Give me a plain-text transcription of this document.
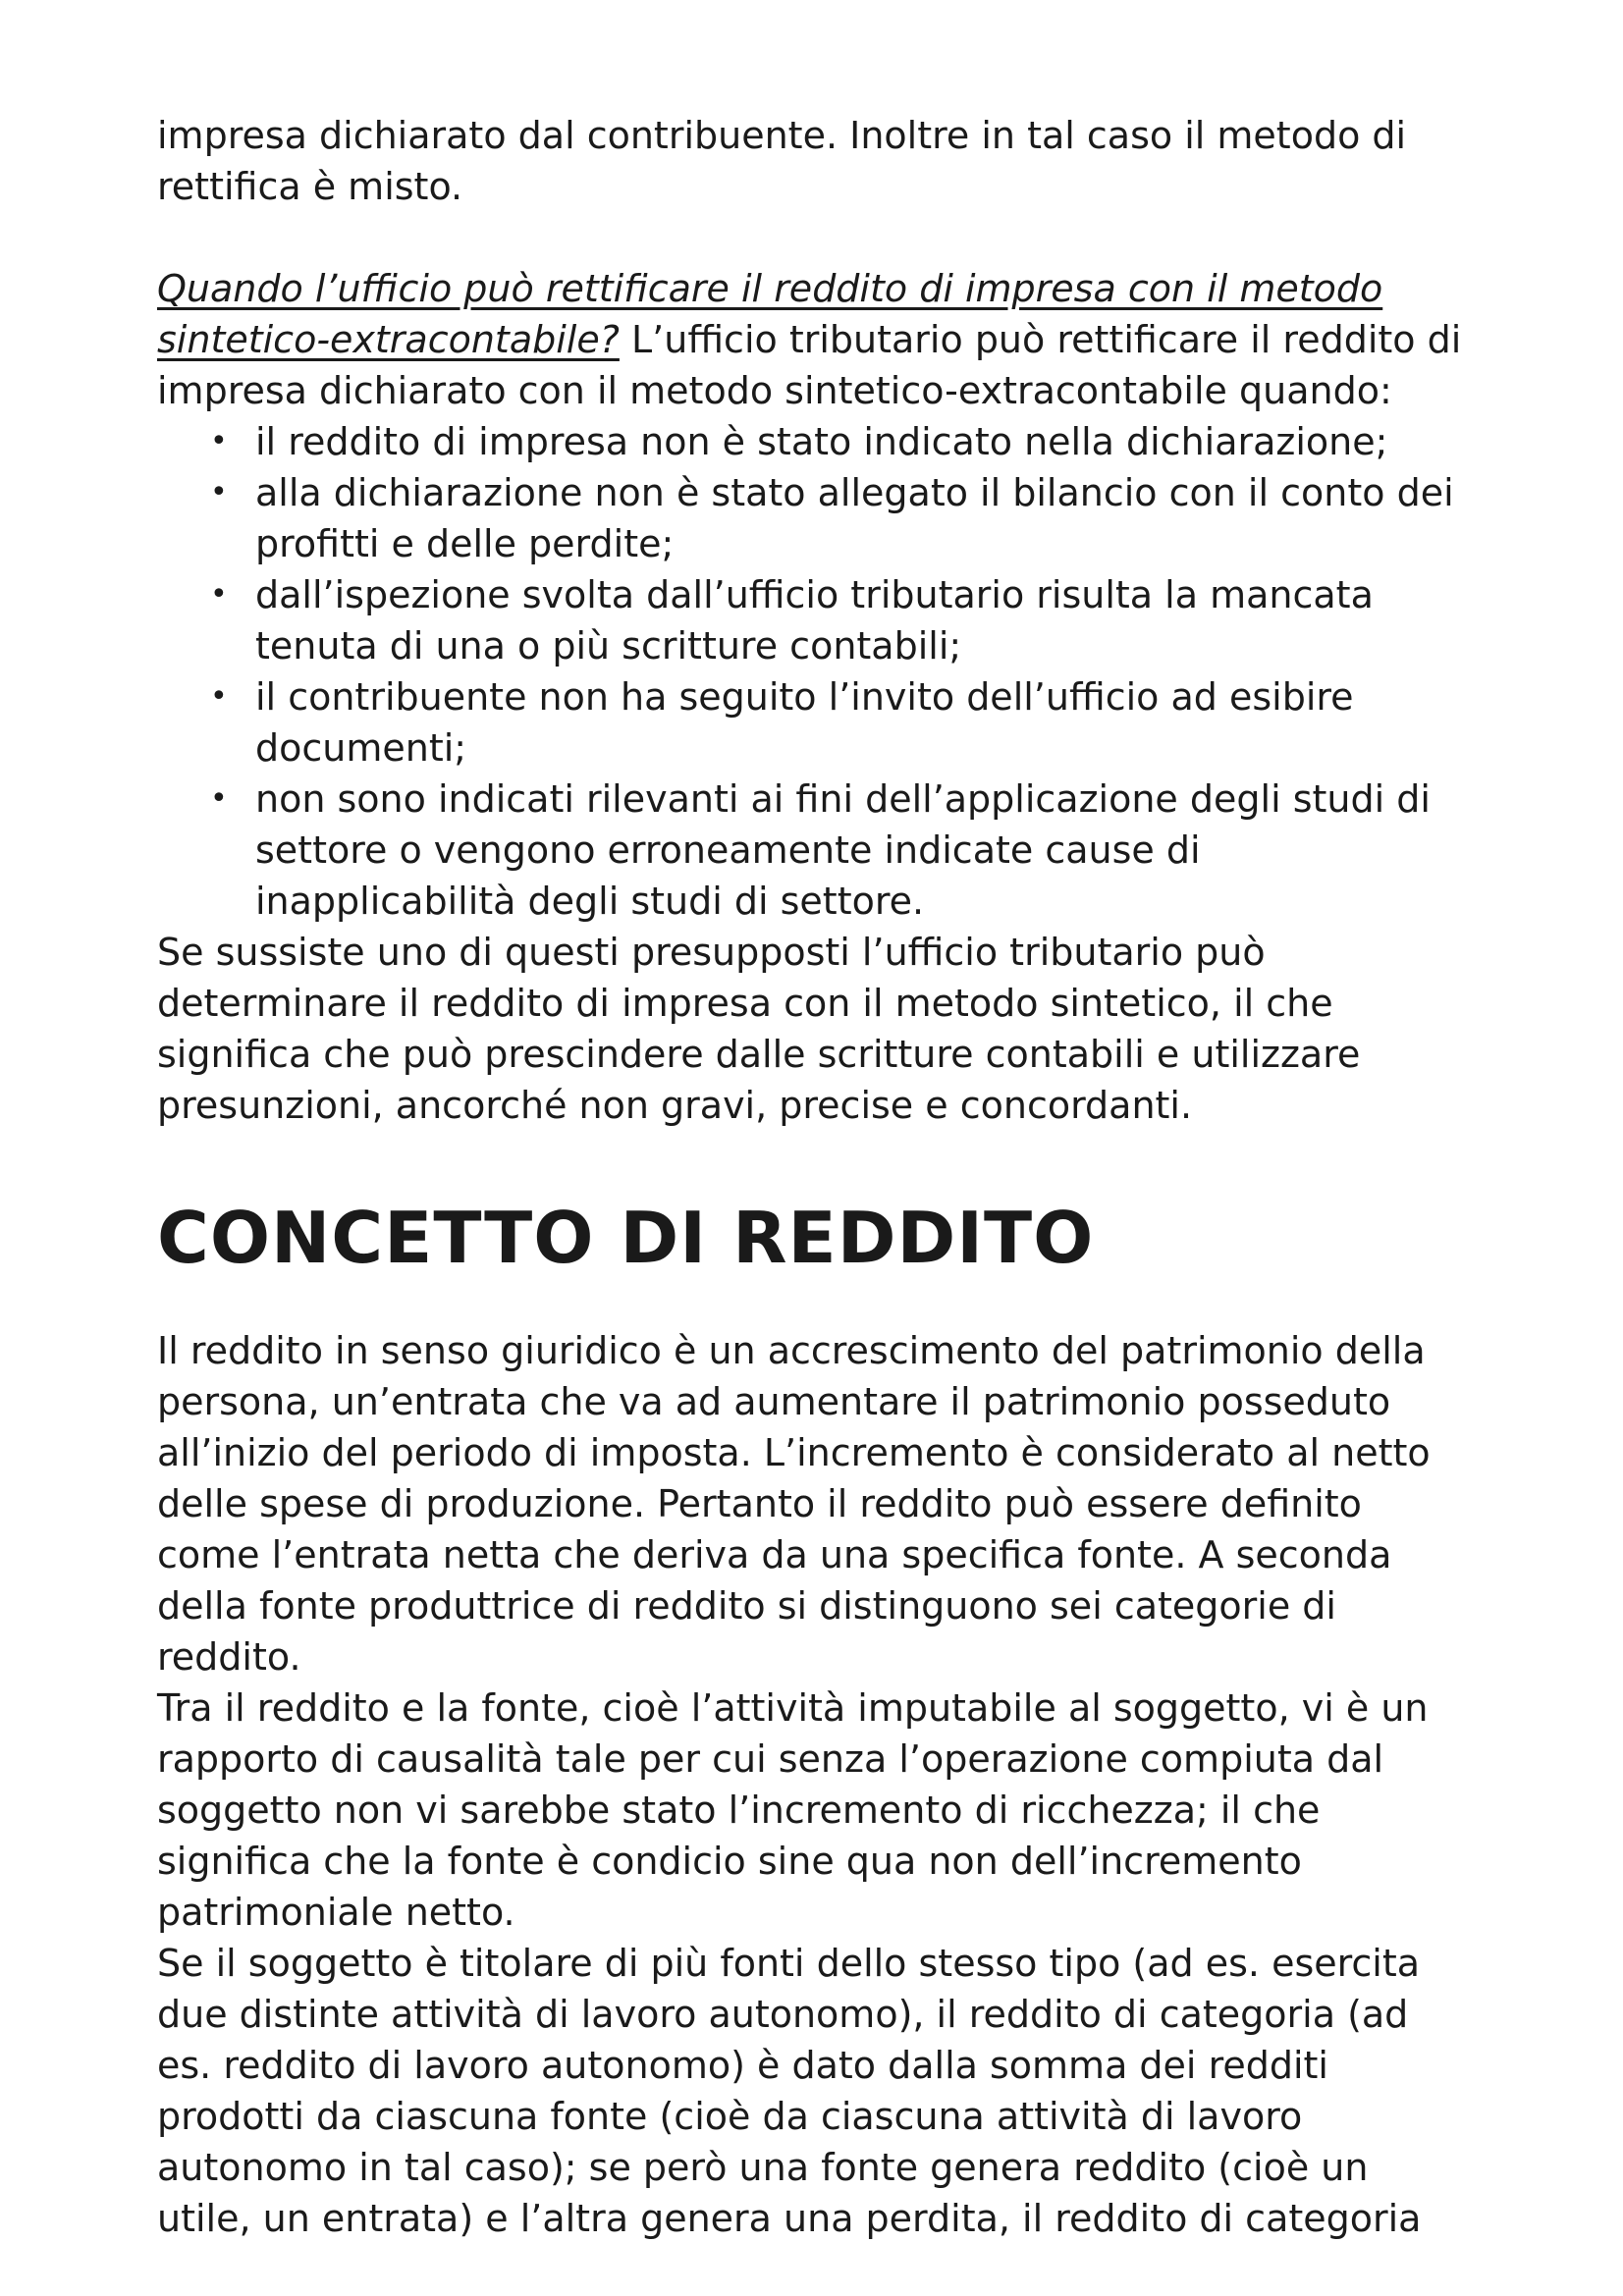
impresa dichiarato dal contribuente. Inoltre in tal caso il metodo di rettifica è misto.

Quando l’ufficio può rettificare il reddito di impresa con il metodo sintetico-extracontabile? L’ufficio tributario può rettificare il reddito di impresa dichiarato con il metodo sintetico-extracontabile quando:

• il reddito di impresa non è stato indicato nella dichiarazione;
• alla dichiarazione non è stato allegato il bilancio con il conto dei profitti e delle perdite;
• dall’ispezione svolta dall’ufficio tributario risulta la mancata tenuta di una o più scritture contabili;
• il contribuente non ha seguito l’invito dell’ufficio ad esibire documenti;
• non sono indicati rilevanti ai fini dell’applicazione degli studi di settore o vengono erroneamente indicate cause di inapplicabilità degli studi di settore.

Se sussiste uno di questi presupposti l’ufficio tributario può determinare il reddito di impresa con il metodo sintetico, il che significa che può prescindere dalle scritture contabili e utilizzare presunzioni, ancorché non gravi, precise e concordanti.

CONCETTO DI REDDITO

Il reddito in senso giuridico è un accrescimento del patrimonio della persona, un’entrata che va ad aumentare il patrimonio posseduto all’inizio del periodo di imposta. L’incremento è considerato al netto delle spese di produzione. Pertanto il reddito può essere definito come l’entrata netta che deriva da una specifica fonte. A seconda della fonte produttrice di reddito si distinguono sei categorie di reddito.

Tra il reddito e la fonte, cioè l’attività imputabile al soggetto, vi è un rapporto di causalità tale per cui senza l’operazione compiuta dal soggetto non vi sarebbe stato l’incremento di ricchezza; il che significa che la fonte è condicio sine qua non dell’incremento patrimoniale netto.

Se il soggetto è titolare di più fonti dello stesso tipo (ad es. esercita due distinte attività di lavoro autonomo), il reddito di categoria (ad es. reddito di lavoro autonomo) è dato dalla somma dei redditi prodotti da ciascuna fonte (cioè da ciascuna attività di lavoro autonomo in tal caso); se però una fonte genera reddito (cioè un utile, un entrata) e l’altra genera una perdita, il reddito di categoria
